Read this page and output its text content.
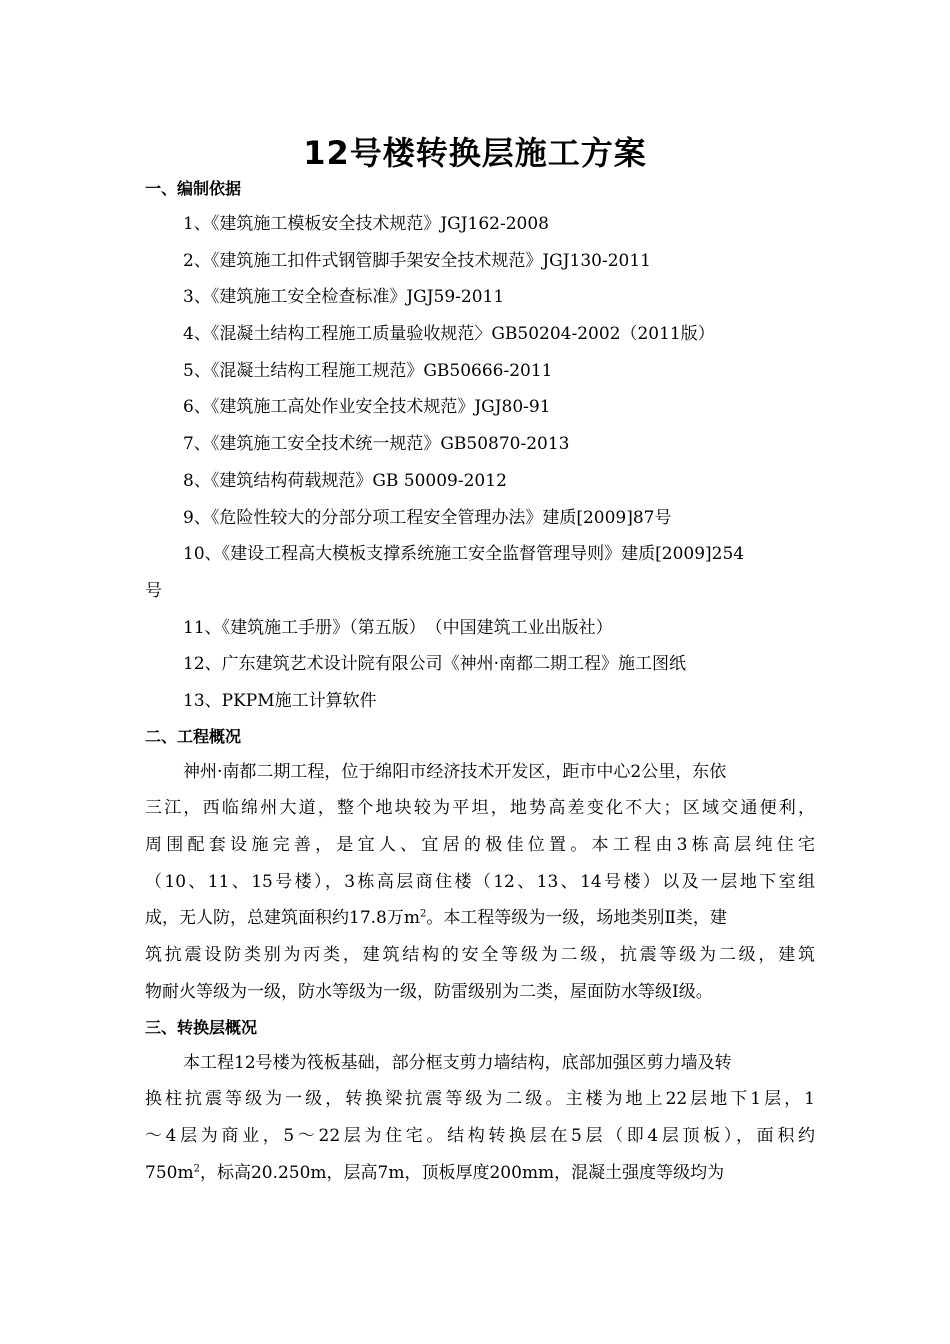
12号楼转换层施工方案
一、编制依据
1、《建筑施工模板安全技术规范》JGJ162-2008
2、《建筑施工扣件式钢管脚手架安全技术规范》JGJ130-2011
3、《建筑施工安全检查标准》JGJ59-2011
4、《混凝土结构工程施工质量验收规范〉GB50204-2002（2011版）
5、《混凝土结构工程施工规范》GB50666-2011
6、《建筑施工高处作业安全技术规范》JGJ80-91
7、《建筑施工安全技术统一规范》GB50870-2013
8、《建筑结构荷载规范》GB 50009-2012
9、《危险性较大的分部分项工程安全管理办法》建质[2009]87号
10、《建设工程高大模板支撑系统施工安全监督管理导则》建质[2009]254
号
11、《建筑施工手册》（第五版）　（中国建筑工业出版社）
12、广东建筑艺术设计院有限公司《神州·南都二期工程》施工图纸
13、PKPM施工计算软件
二、工程概况
神州·南都二期工程，位于绵阳市经济技术开发区，距市中心2公里，东依
三江，西临绵州大道，整个地块较为平坦，地势高差变化不大；区域交通便利，
周围配套设施完善，是宜人、宜居的极佳位置。本工程由3栋高层纯住宅
（10、11、15号楼），3栋高层商住楼（12、13、14号楼）以及一层地下室组
成，无人防，总建筑面积约17.8万$m^2$。本工程等级为一级，场地类别Ⅱ类，建
筑抗震设防类别为丙类，建筑结构的安全等级为二级，抗震等级为二级，建筑
物耐火等级为一级，防水等级为一级，防雷级别为二类，屋面防水等级Ⅰ级。
三、转换层概况
本工程12号楼为筏板基础，部分框支剪力墙结构，底部加强区剪力墙及转
换柱抗震等级为一级，转换梁抗震等级为二级。主楼为地上22层地下1层，1
～4层为商业，5～22层为住宅。结构转换层在5层（即4层顶板），面积约
$750m^2$，标高20.250m，层高7m，顶板厚度200mm，混凝土强度等级均为
